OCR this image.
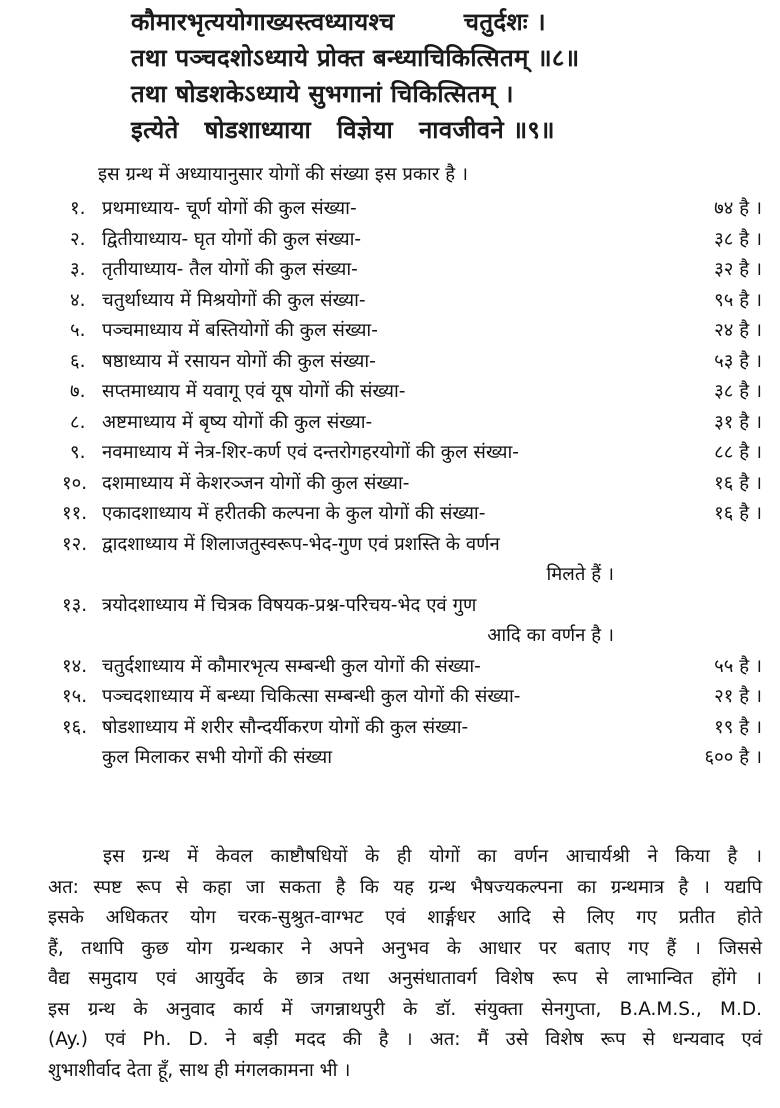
कौमारभृत्ययोगाख्यस्त्वध्यायश्च        चतुर्दशः ।
तथा पञ्चदशोऽध्याये प्रोक्त बन्ध्याचिकित्सितम् ॥८॥
तथा षोडशकेऽध्याये सुभगानां चिकित्सितम् ।
इत्येते   षोडशाध्याया   विज्ञेया   नावजीवने ॥९॥
इस ग्रन्थ में अध्यायानुसार योगों की संख्या इस प्रकार है ।
१. प्रथमाध्याय- चूर्ण योगों की कुल संख्या-	७४ है ।
२. द्वितीयाध्याय- घृत योगों की कुल संख्या-	३८ है ।
३. तृतीयाध्याय- तैल योगों की कुल संख्या-	३२ है ।
४. चतुर्थाध्याय में मिश्रयोगों की कुल संख्या-	९५ है ।
५. पञ्चमाध्याय में बस्तियोगों की कुल संख्या-	२४ है ।
६. षष्ठाध्याय में रसायन योगों की कुल संख्या-	५३ है ।
७. सप्तमाध्याय में यवागू एवं यूष योगों की संख्या-	३८ है ।
८. अष्टमाध्याय में बृष्य योगों की कुल संख्या-	३१ है ।
९. नवमाध्याय में नेत्र-शिर-कर्ण एवं दन्तरोगहरयोगों की कुल संख्या-	८८ है ।
१०. दशमाध्याय में केशरञ्जन योगों की कुल संख्या-	१६ है ।
११. एकादशाध्याय में हरीतकी कल्पना के कुल योगों की संख्या-	१६ है ।
१२. द्वादशाध्याय में शिलाजतुस्वरूप-भेद-गुण एवं प्रशस्ति के वर्णन
मिलते हैं ।
१३. त्रयोदशाध्याय में चित्रक विषयक-प्रश्न-परिचय-भेद एवं गुण
आदि का वर्णन है ।
१४. चतुर्दशाध्याय में कौमारभृत्य सम्बन्धी कुल योगों की संख्या-	५५ है ।
१५. पञ्चदशाध्याय में बन्ध्या चिकित्सा सम्बन्धी कुल योगों की संख्या-	२१ है ।
१६. षोडशाध्याय में शरीर सौन्दर्यीकरण योगों की कुल संख्या-	१९ है ।
कुल मिलाकर सभी योगों की संख्या	६०० है ।
इस ग्रन्थ में केवल काष्टौषधियों के ही योगों का वर्णन आचार्यश्री ने किया है ।
अत: स्पष्ट रूप से कहा जा सकता है कि यह ग्रन्थ भैषज्यकल्पना का ग्रन्थमात्र है । यद्यपि
इसके अधिकतर योग चरक-सुश्रुत-वाग्भट एवं शार्ङ्गधर आदि से लिए गए प्रतीत होते
हैं, तथापि कुछ योग ग्रन्थकार ने अपने अनुभव के आधार पर बताए गए हैं । जिससे
वैद्य समुदाय एवं आयुर्वेद के छात्र तथा अनुसंधातावर्ग विशेष रूप से लाभान्वित होंगे ।
इस ग्रन्थ के अनुवाद कार्य में जगन्नाथपुरी के डॉ. संयुक्ता सेनगुप्ता, B.A.M.S., M.D.
(Ay.) एवं Ph. D. ने बड़ी मदद की है । अत: मैं उसे विशेष रूप से धन्यवाद एवं
शुभाशीर्वाद देता हूँ, साथ ही मंगलकामना भी ।
